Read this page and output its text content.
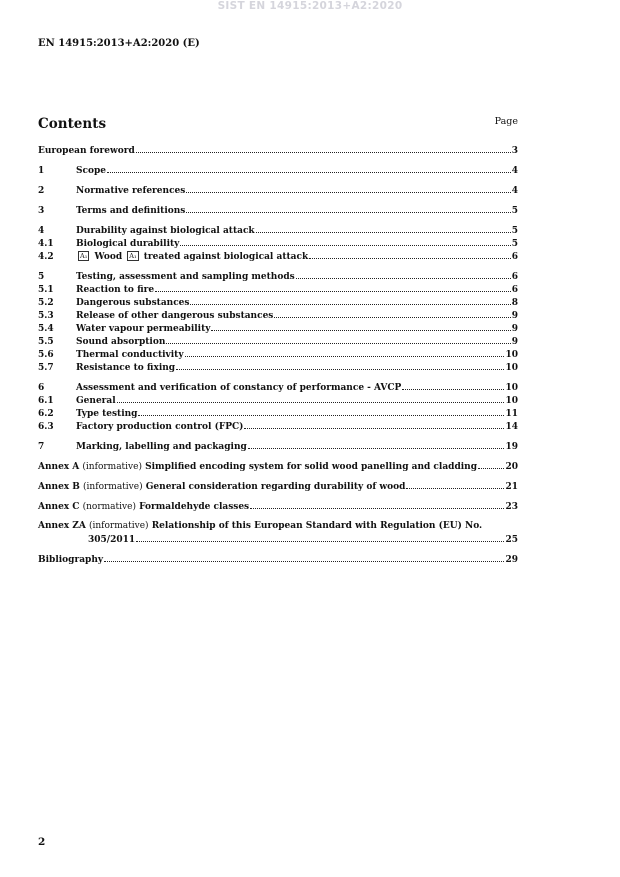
SIST EN 14915:2013+A2:2020
EN 14915:2013+A2:2020 (E)
Contents	Page
European foreword	3
1	Scope	4
2	Normative references	4
3	Terms and definitions	5
4	Durability against biological attack	5
4.1	Biological durability	5
4.2	A₁ Wood A₁ treated against biological attack	6
5	Testing, assessment and sampling methods	6
5.1	Reaction to fire	6
5.2	Dangerous substances	8
5.3	Release of other dangerous substances	9
5.4	Water vapour permeability	9
5.5	Sound absorption	9
5.6	Thermal conductivity	10
5.7	Resistance to fixing	10
6	Assessment and verification of constancy of performance - AVCP	10
6.1	General	10
6.2	Type testing	11
6.3	Factory production control (FPC)	14
7	Marking, labelling and packaging	19
Annex A (informative) Simplified encoding system for solid wood panelling and cladding	20
Annex B (informative) General consideration regarding durability of wood	21
Annex C (normative) Formaldehyde classes	23
Annex ZA (informative) Relationship of this European Standard with Regulation (EU) No.
305/2011	25
Bibliography	29
2
